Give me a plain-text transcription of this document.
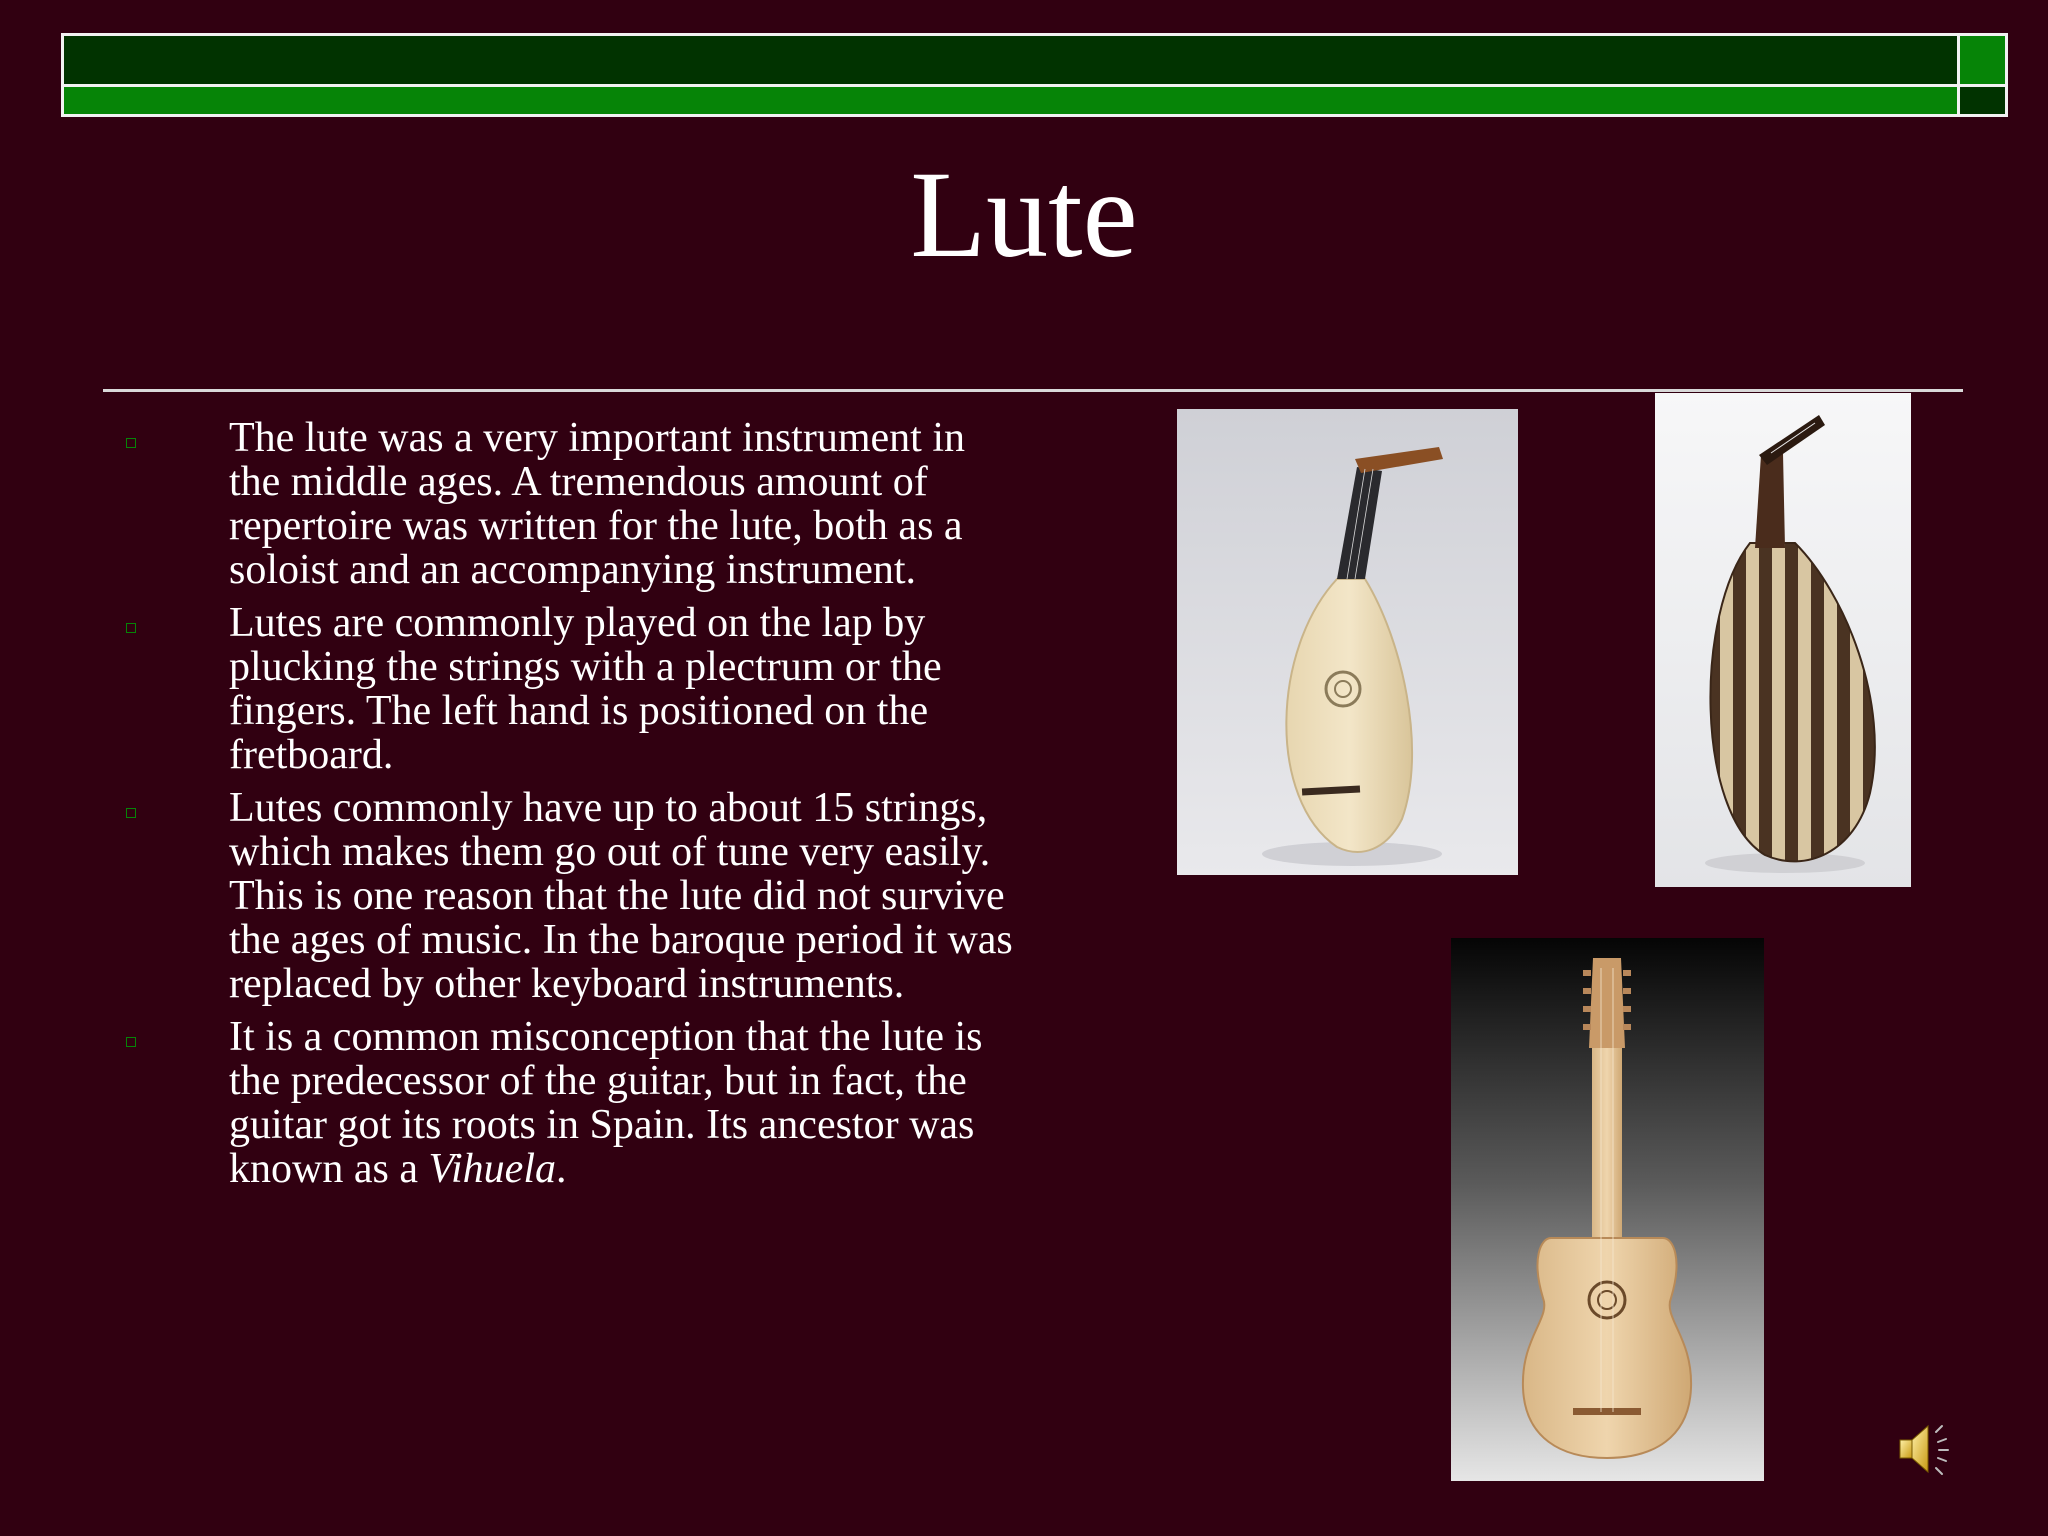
Lute
The lute was a very important instrument in the middle ages. A tremendous amount of repertoire was written for the lute, both as a soloist and an accompanying instrument.
Lutes are commonly played on the lap by plucking the strings with a plectrum or the fingers. The left hand is positioned on the fretboard.
Lutes commonly have up to about 15 strings, which makes them go out of tune very easily. This is one reason that the lute did not survive the ages of music. In the baroque period it was replaced by other keyboard instruments.
It is a common misconception that the lute is the predecessor of the guitar, but in fact, the guitar got its roots in Spain. Its ancestor was known as a Vihuela.
